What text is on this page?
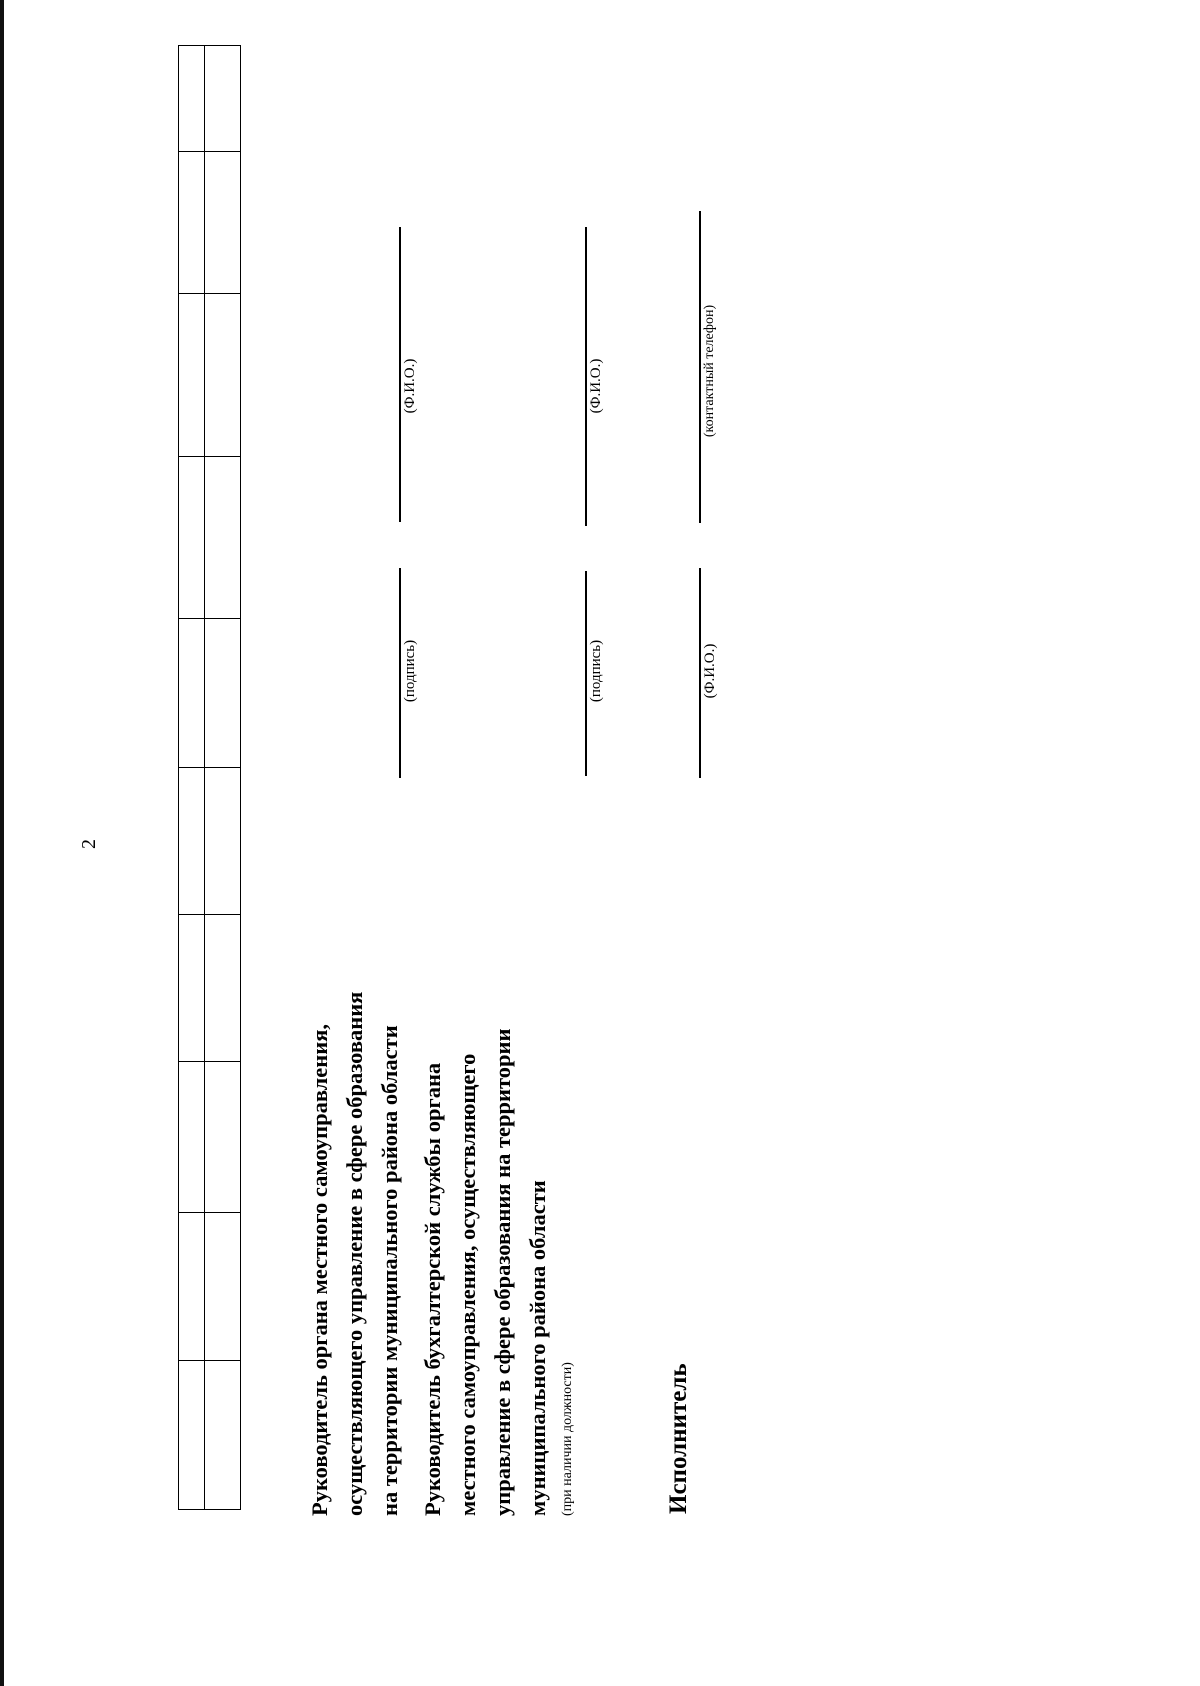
2
Руководитель органа местного самоуправления, осуществляющего управление в сфере образования на территории муниципального района области
(подпись)
(Ф.И.О.)
Руководитель бухгалтерской службы органа местного самоуправления, осуществляющего управление в сфере образования на территории муниципального района области (при наличии должности)
(подпись)
(Ф.И.О.)
Исполнитель
(Ф.И.О.)
(контактный телефон)
